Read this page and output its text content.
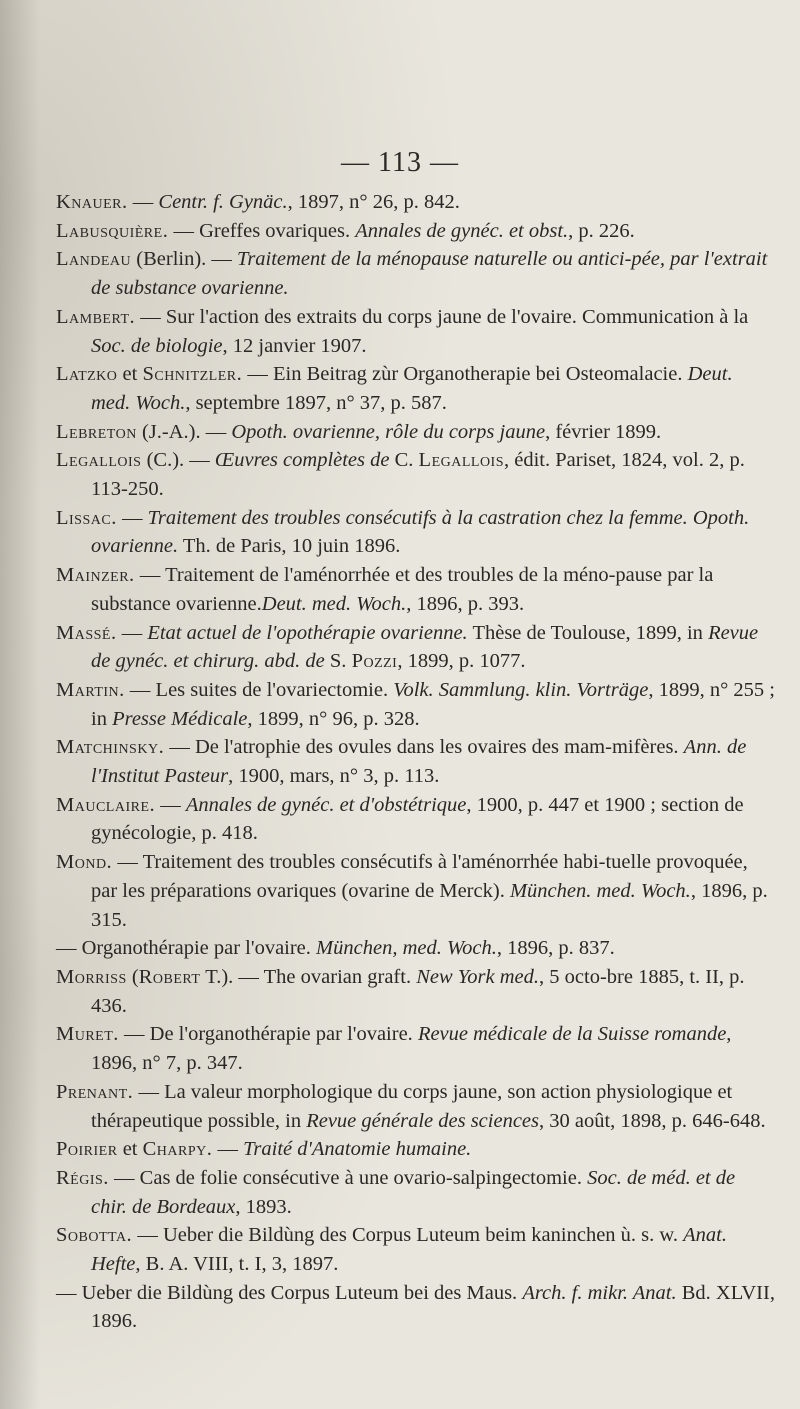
— 113 —

Knauer. — Centr. f. Gynäc., 1897, n° 26, p. 842.

Labusquière. — Greffes ovariques. Annales de gynéc. et obst., p. 226.

Landeau (Berlin). — Traitement de la ménopause naturelle ou antici-pée, par l'extrait de substance ovarienne.

Lambert. — Sur l'action des extraits du corps jaune de l'ovaire. Communication à la Soc. de biologie, 12 janvier 1907.

Latzko et Schnitzler. — Ein Beitrag zùr Organotherapie bei Osteomalacie. Deut. med. Woch., septembre 1897, n° 37, p. 587.

Lebreton (J.-A.). — Opoth. ovarienne, rôle du corps jaune, février 1899.

Legallois (C.). — Œuvres complètes de C. Legallois, édit. Pariset, 1824, vol. 2, p. 113-250.

Lissac. — Traitement des troubles consécutifs à la castration chez la femme. Opoth. ovarienne. Th. de Paris, 10 juin 1896.

Mainzer. — Traitement de l'aménorrhée et des troubles de la méno-pause par la substance ovarienne.Deut. med. Woch., 1896, p. 393.

Massé. — Etat actuel de l'opothérapie ovarienne. Thèse de Toulouse, 1899, in Revue de gynéc. et chirurg. abd. de S. Pozzi, 1899, p. 1077.

Martin. — Les suites de l'ovariectomie. Volk. Sammlung. klin. Vorträge, 1899, n° 255 ; in Presse Médicale, 1899, n° 96, p. 328.

Matchinsky. — De l'atrophie des ovules dans les ovaires des mam-mifères. Ann. de l'Institut Pasteur, 1900, mars, n° 3, p. 113.

Mauclaire. — Annales de gynéc. et d'obstétrique, 1900, p. 447 et 1900 ; section de gynécologie, p. 418.

Mond. — Traitement des troubles consécutifs à l'aménorrhée habi-tuelle provoquée, par les préparations ovariques (ovarine de Merck). München. med. Woch., 1896, p. 315.

— Organothérapie par l'ovaire. München, med. Woch., 1896, p. 837.

Morriss (Robert T.). — The ovarian graft. New York med., 5 octo-bre 1885, t. II, p. 436.

Muret. — De l'organothérapie par l'ovaire. Revue médicale de la Suisse romande, 1896, n° 7, p. 347.

Prenant. — La valeur morphologique du corps jaune, son action physiologique et thérapeutique possible, in Revue générale des sciences, 30 août, 1898, p. 646-648.

Poirier et Charpy. — Traité d'Anatomie humaine.

Régis. — Cas de folie consécutive à une ovario-salpingectomie. Soc. de méd. et de chir. de Bordeaux, 1893.

Sobotta. — Ueber die Bildùng des Corpus Luteum beim kaninchen ù. s. w. Anat. Hefte, B. A. VIII, t. I, 3, 1897.

— Ueber die Bildùng des Corpus Luteum bei des Maus. Arch. f. mikr. Anat. Bd. XLVII, 1896.
